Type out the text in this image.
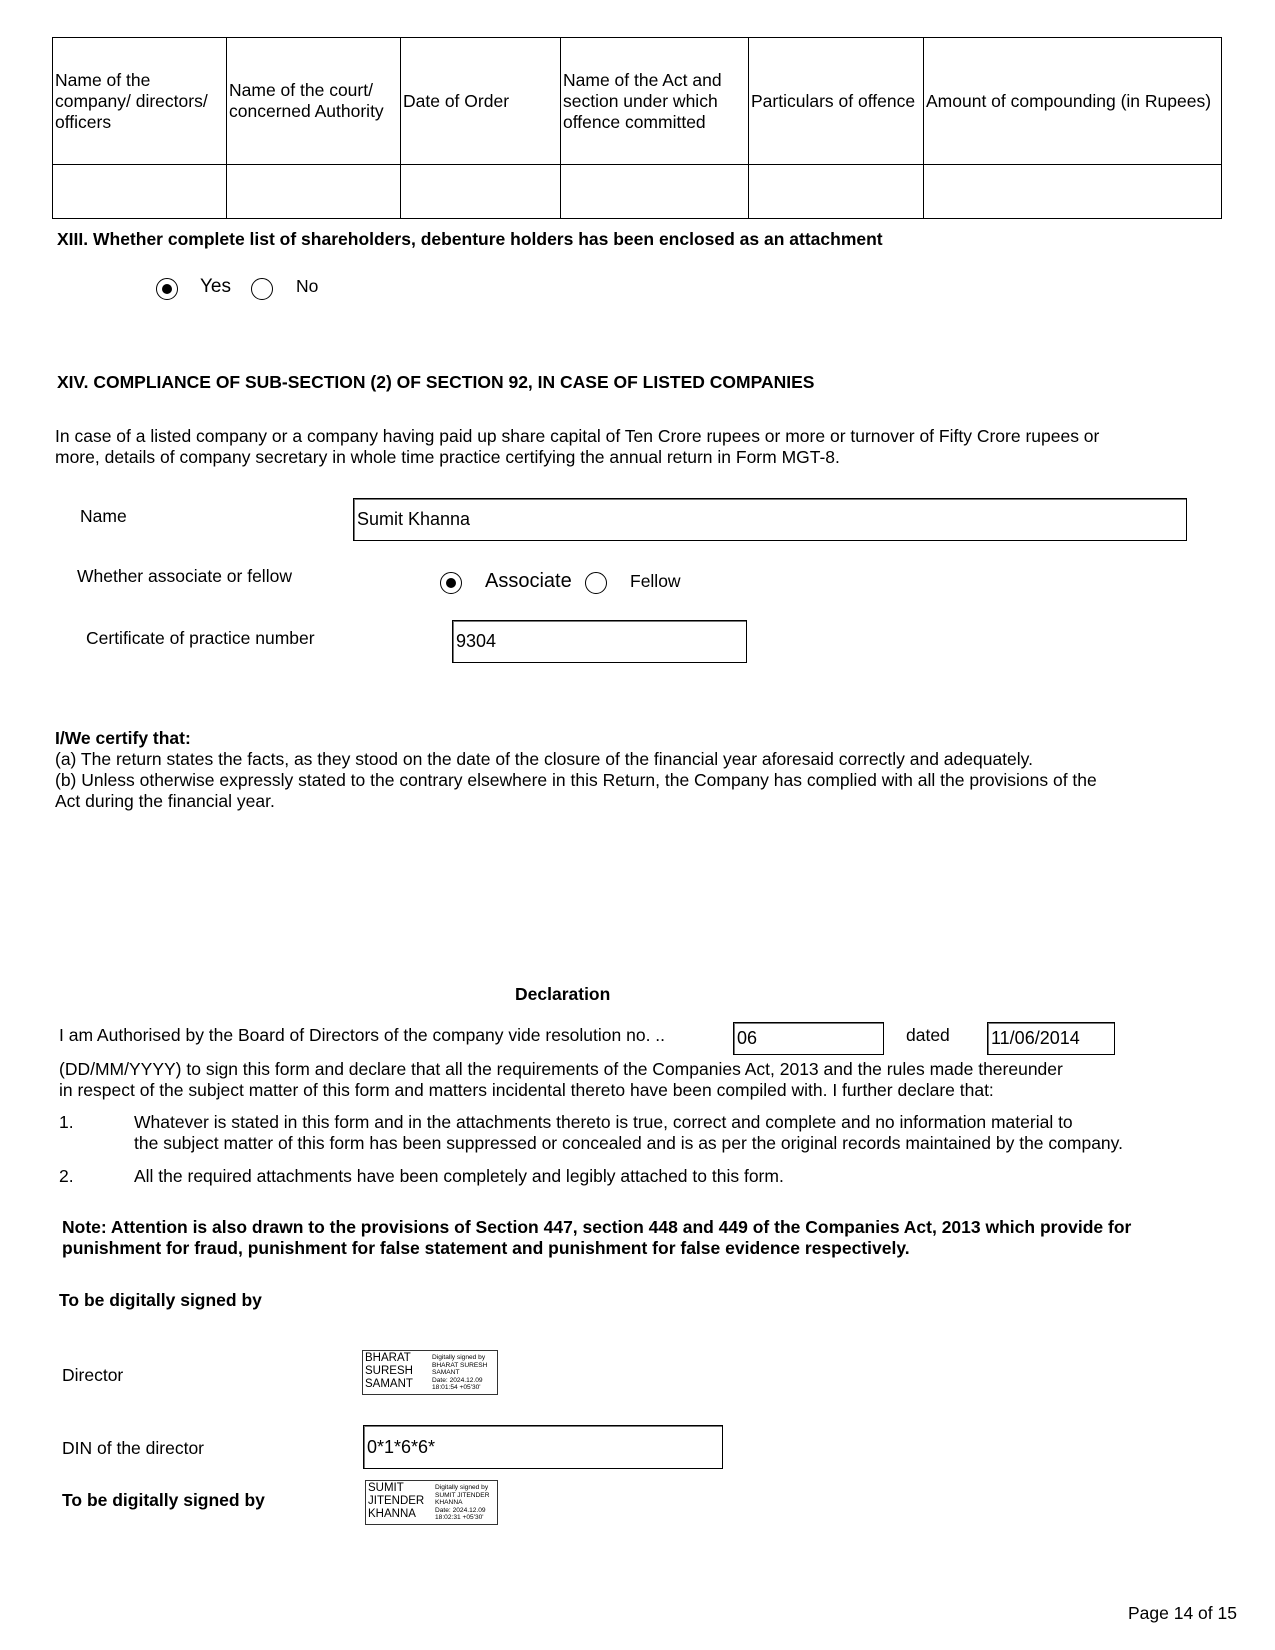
Name of the company/ directors/ officers	Name of the court/ concerned Authority	Date of Order	Name of the Act and section under which offence committed	Particulars of offence	Amount of compounding (in Rupees)

XIII. Whether complete list of shareholders, debenture holders has been enclosed as an attachment
Yes	No
XIV. COMPLIANCE OF SUB-SECTION (2) OF SECTION 92, IN CASE OF LISTED COMPANIES
In case of a listed company or a company having paid up share capital of Ten Crore rupees or more or turnover of Fifty Crore rupees or
more, details of company secretary in whole time practice certifying the annual return in Form MGT-8.
Name	Sumit Khanna
Whether associate or fellow	Associate	Fellow
Certificate of practice number	9304
I/We certify that:
(a) The return states the facts, as they stood on the date of the closure of the financial year aforesaid correctly and adequately.
(b) Unless otherwise expressly stated to the contrary elsewhere in this Return, the Company has complied with all the provisions of the
Act during the financial year.
Declaration
I am Authorised by the Board of Directors of the company vide resolution no. ..	06	dated 11/06/2014
(DD/MM/YYYY) to sign this form and declare that all the requirements of the Companies Act, 2013 and the rules made thereunder
in respect of the subject matter of this form and matters incidental thereto have been compiled with. I further declare that:
1.	Whatever is stated in this form and in the attachments thereto is true, correct and complete and no information material to
the subject matter of this form has been suppressed or concealed and is as per the original records maintained by the company.
2.	All the required attachments have been completely and legibly attached to this form.
Note: Attention is also drawn to the provisions of Section 447, section 448 and 449 of the Companies Act, 2013 which provide for
punishment for fraud, punishment for false statement and punishment for false evidence respectively.
To be digitally signed by
Director
BHARAT
SURESH
SAMANT
Digitally signed by
BHARAT SURESH
SAMANT
Date: 2024.12.09
18:01:54 +05'30'
DIN of the director	0*1*6*6*
To be digitally signed by
SUMIT
JITENDER
KHANNA
Digitally signed by
SUMIT JITENDER
KHANNA
Date: 2024.12.09
18:02:31 +05'30'
Page 14 of 15
